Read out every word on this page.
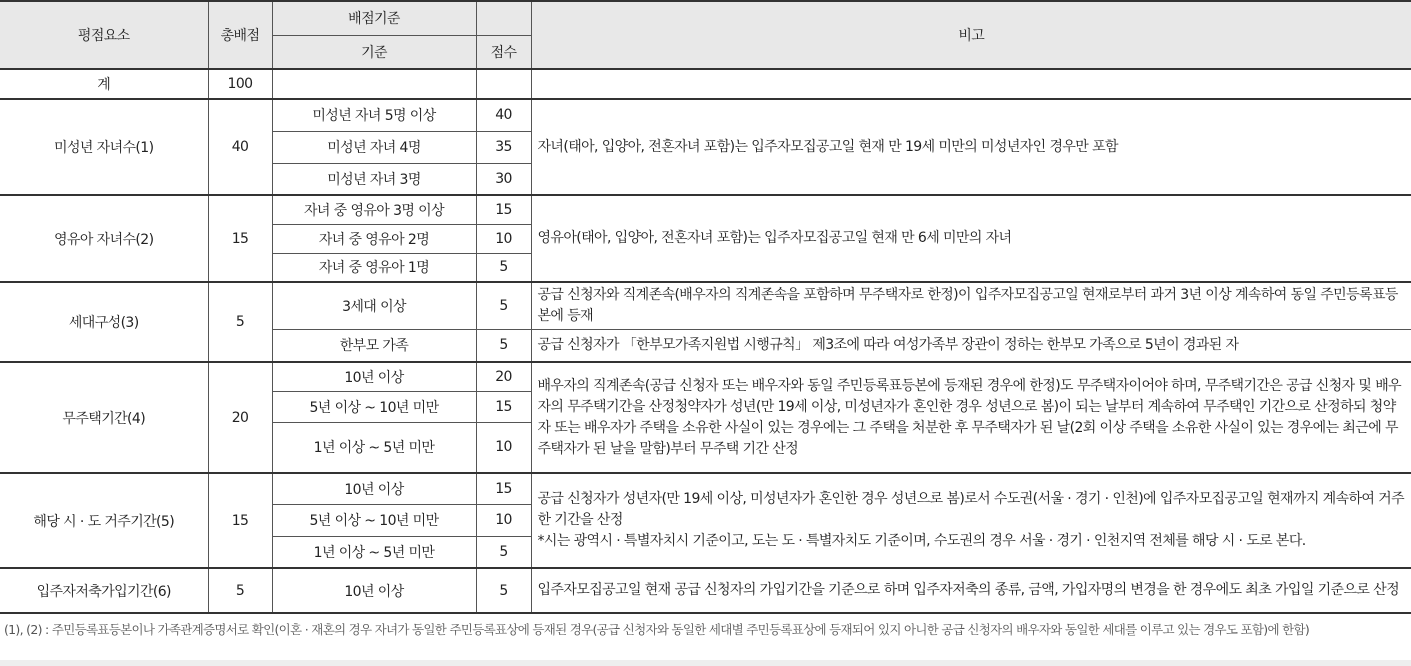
평점요소	총배점	배점기준		비고
		기준	점수	
계	100			
미성년 자녀수(1)	40	미성년 자녀 5명 이상	40	자녀(태아, 입양아, 전혼자녀 포함)는 입주자모집공고일 현재 만 19세 미만의 미성년자인 경우만 포함
		미성년 자녀 4명	35	
		미성년 자녀 3명	30	
영유아 자녀수(2)	15	자녀 중 영유아 3명 이상	15	영유아(태아, 입양아, 전혼자녀 포함)는 입주자모집공고일 현재 만 6세 미만의 자녀
		자녀 중 영유아 2명	10	
		자녀 중 영유아 1명	5	
세대구성(3)	5	3세대 이상	5	공급 신청자와 직계존속(배우자의 직계존속을 포함하며 무주택자로 한정)이 입주자모집공고일 현재로부터 과거 3년 이상 계속하여 동일 주민등록표등본에 등재
		한부모 가족	5	공급 신청자가 「한부모가족지원법 시행규칙」 제3조에 따라 여성가족부 장관이 정하는 한부모 가족으로 5년이 경과된 자
무주택기간(4)	20	10년 이상	20	배우자의 직계존속(공급 신청자 또는 배우자와 동일 주민등록표등본에 등재된 경우에 한정)도 무주택자이어야 하며, 무주택기간은 공급 신청자 및 배우자의 무주택기간을 산정청약자가 성년(만 19세 이상, 미성년자가 혼인한 경우 성년으로 봄)이 되는 날부터 계속하여 무주택인 기간으로 산정하되 청약자 또는 배우자가 주택을 소유한 사실이 있는 경우에는 그 주택을 처분한 후 무주택자가 된 날(2회 이상 주택을 소유한 사실이 있는 경우에는 최근에 무주택자가 된 날을 말함)부터 무주택 기간 산정
		5년 이상 ~ 10년 미만	15	
		1년 이상 ~ 5년 미만	10	
해당 시 · 도 거주기간(5)	15	10년 이상	15	공급 신청자가 성년자(만 19세 이상, 미성년자가 혼인한 경우 성년으로 봄)로서 수도권(서울 · 경기 · 인천)에 입주자모집공고일 현재까지 계속하여 거주한 기간을 산정
*시는 광역시 · 특별자치시 기준이고, 도는 도 · 특별자치도 기준이며, 수도권의 경우 서울 · 경기 · 인천지역 전체를 해당 시 · 도로 본다.
		5년 이상 ~ 10년 미만	10	
		1년 이상 ~ 5년 미만	5	
입주자저축가입기간(6)	5	10년 이상	5	입주자모집공고일 현재 공급 신청자의 가입기간을 기준으로 하며 입주자저축의 종류, 금액, 가입자명의 변경을 한 경우에도 최초 가입일 기준으로 산정
(1), (2) : 주민등록표등본이나 가족관계증명서로 확인(이혼 · 재혼의 경우 자녀가 동일한 주민등록표상에 등재된 경우(공급 신청자와 동일한 세대별 주민등록표상에 등재되어 있지 아니한 공급 신청자의 배우자와 동일한 세대를 이루고 있는 경우도 포함)에 한함)
